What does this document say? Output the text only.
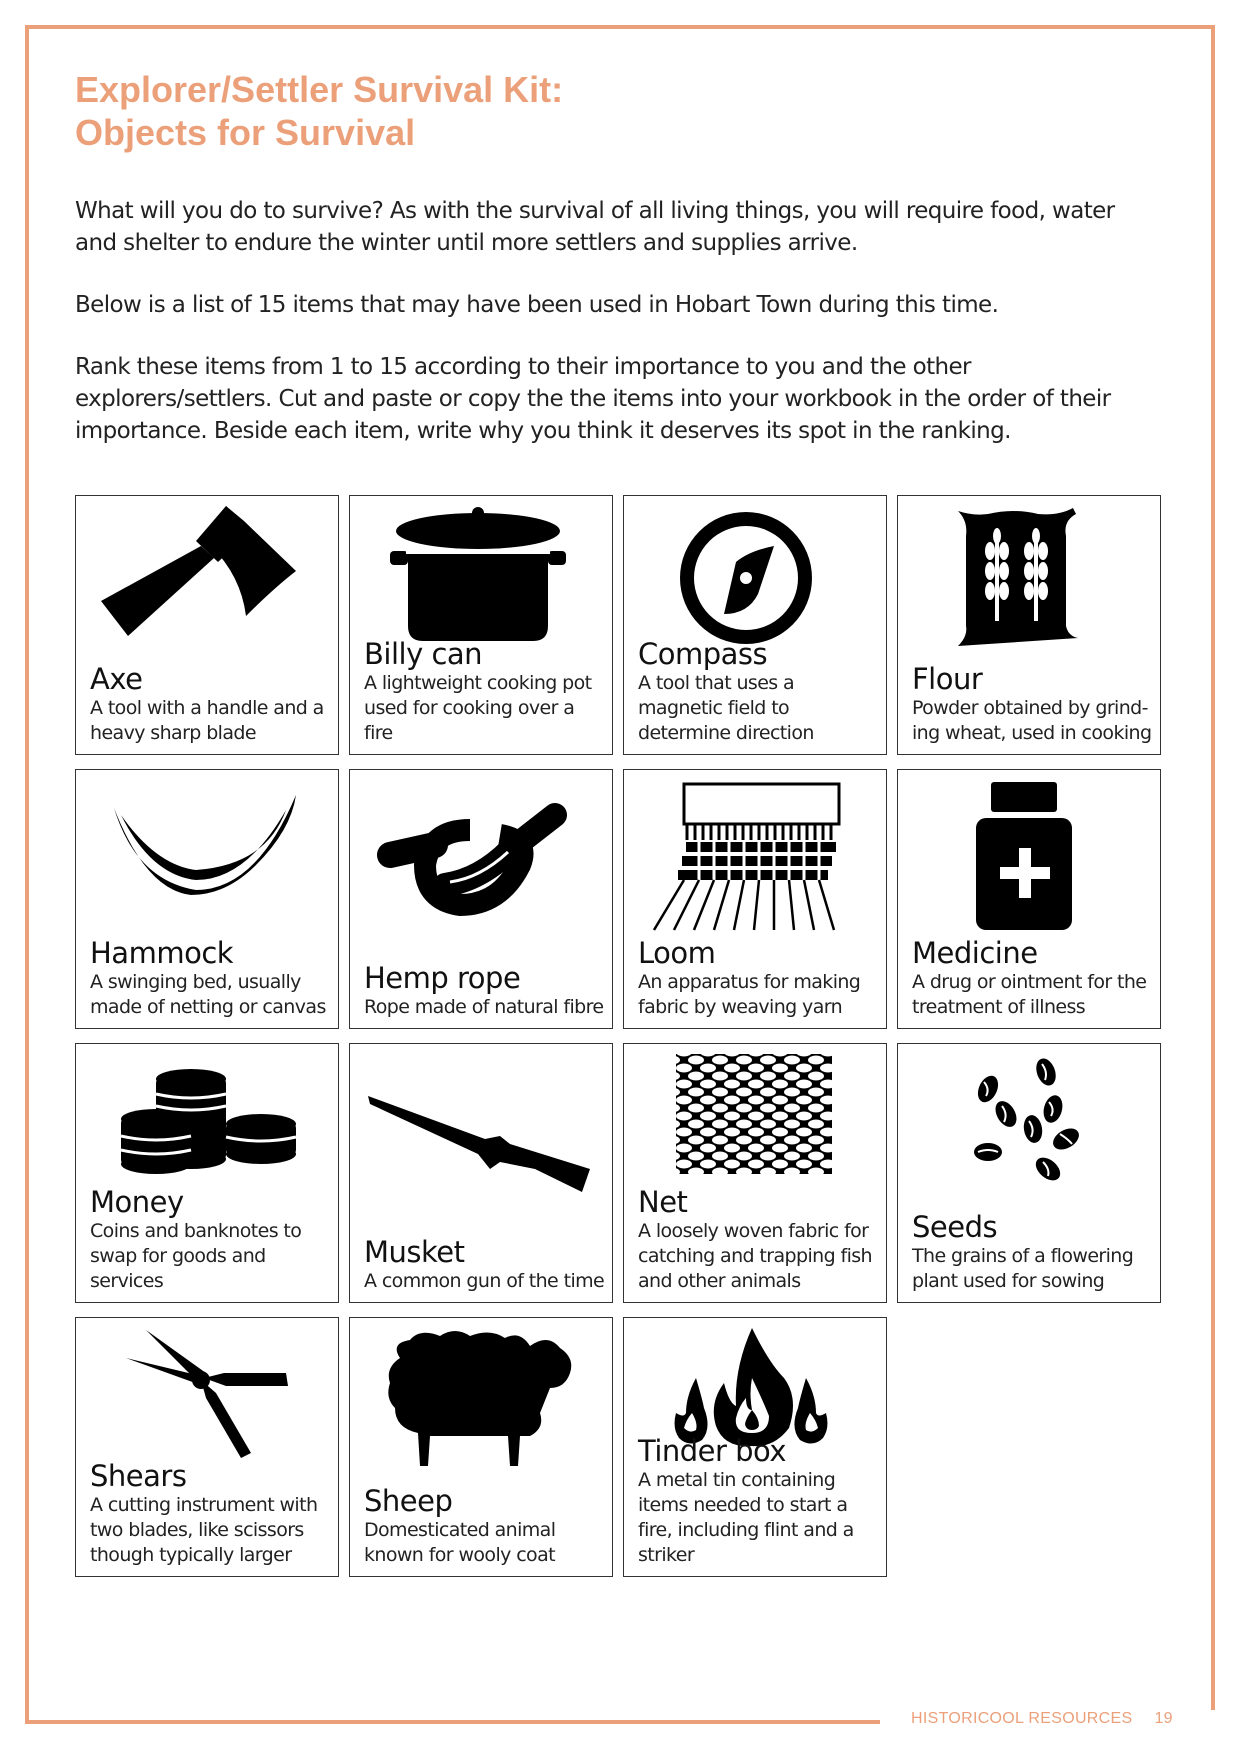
Explorer/Settler Survival Kit:
Objects for Survival

What will you do to survive? As with the survival of all living things, you will require food, water and shelter to endure the winter until more settlers and supplies arrive.

Below is a list of 15 items that may have been used in Hobart Town during this time.

Rank these items from 1 to 15 according to their importance to you and the other explorers/settlers. Cut and paste or copy the the items into your workbook in the order of their importance. Beside each item, write why you think it deserves its spot in the ranking.

Axe
A tool with a handle and a heavy sharp blade
Billy can
A lightweight cooking pot used for cooking over a fire
Compass
A tool that uses a magnetic field to determine direction
Flour
Powder obtained by grind-ing wheat, used in cooking
Hammock
A swinging bed, usually made of netting or canvas
Hemp rope
Rope made of natural fibre
Loom
An apparatus for making fabric by weaving yarn
Medicine
A drug or ointment for the treatment of illness
Money
Coins and banknotes to swap for goods and services
Musket
A common gun of the time
Net
A loosely woven fabric for catching and trapping fish and other animals
Seeds
The grains of a flowering plant used for sowing
Shears
A cutting instrument with two blades, like scissors though typically larger
Sheep
Domesticated animal known for wooly coat
Tinder box
A metal tin containing items needed to start a fire, including flint and a striker
HISTORICOOL RESOURCES 19
